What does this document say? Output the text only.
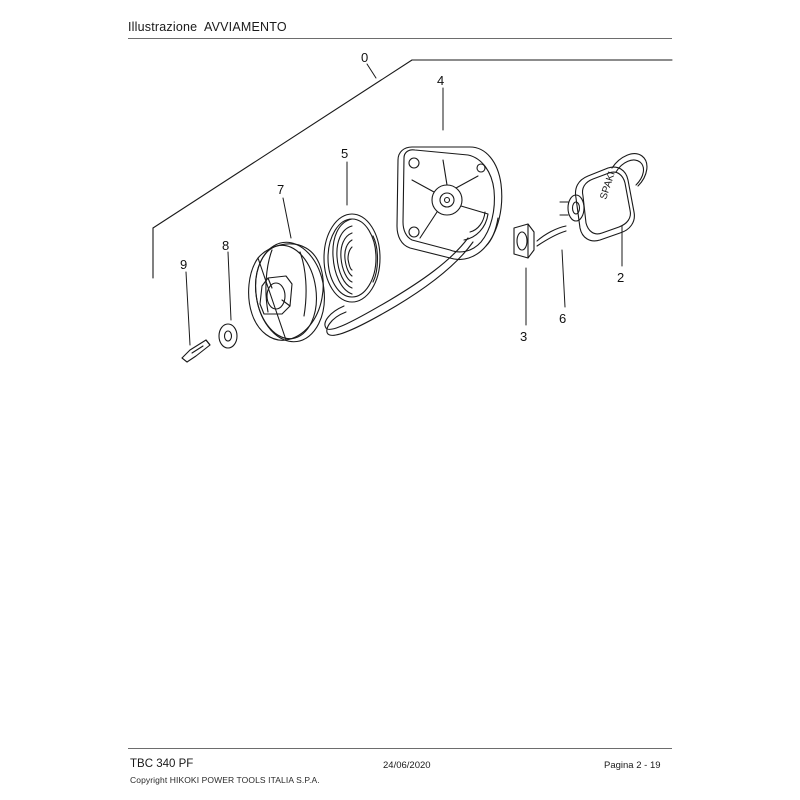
Illustrazione  AVVIAMENTO
SPAKI
0
4
5
7
8
9
2
3
6
TBC 340 PF
Copyright HIKOKI POWER TOOLS ITALIA S.P.A.
24/06/2020	Pagina 2 - 19
